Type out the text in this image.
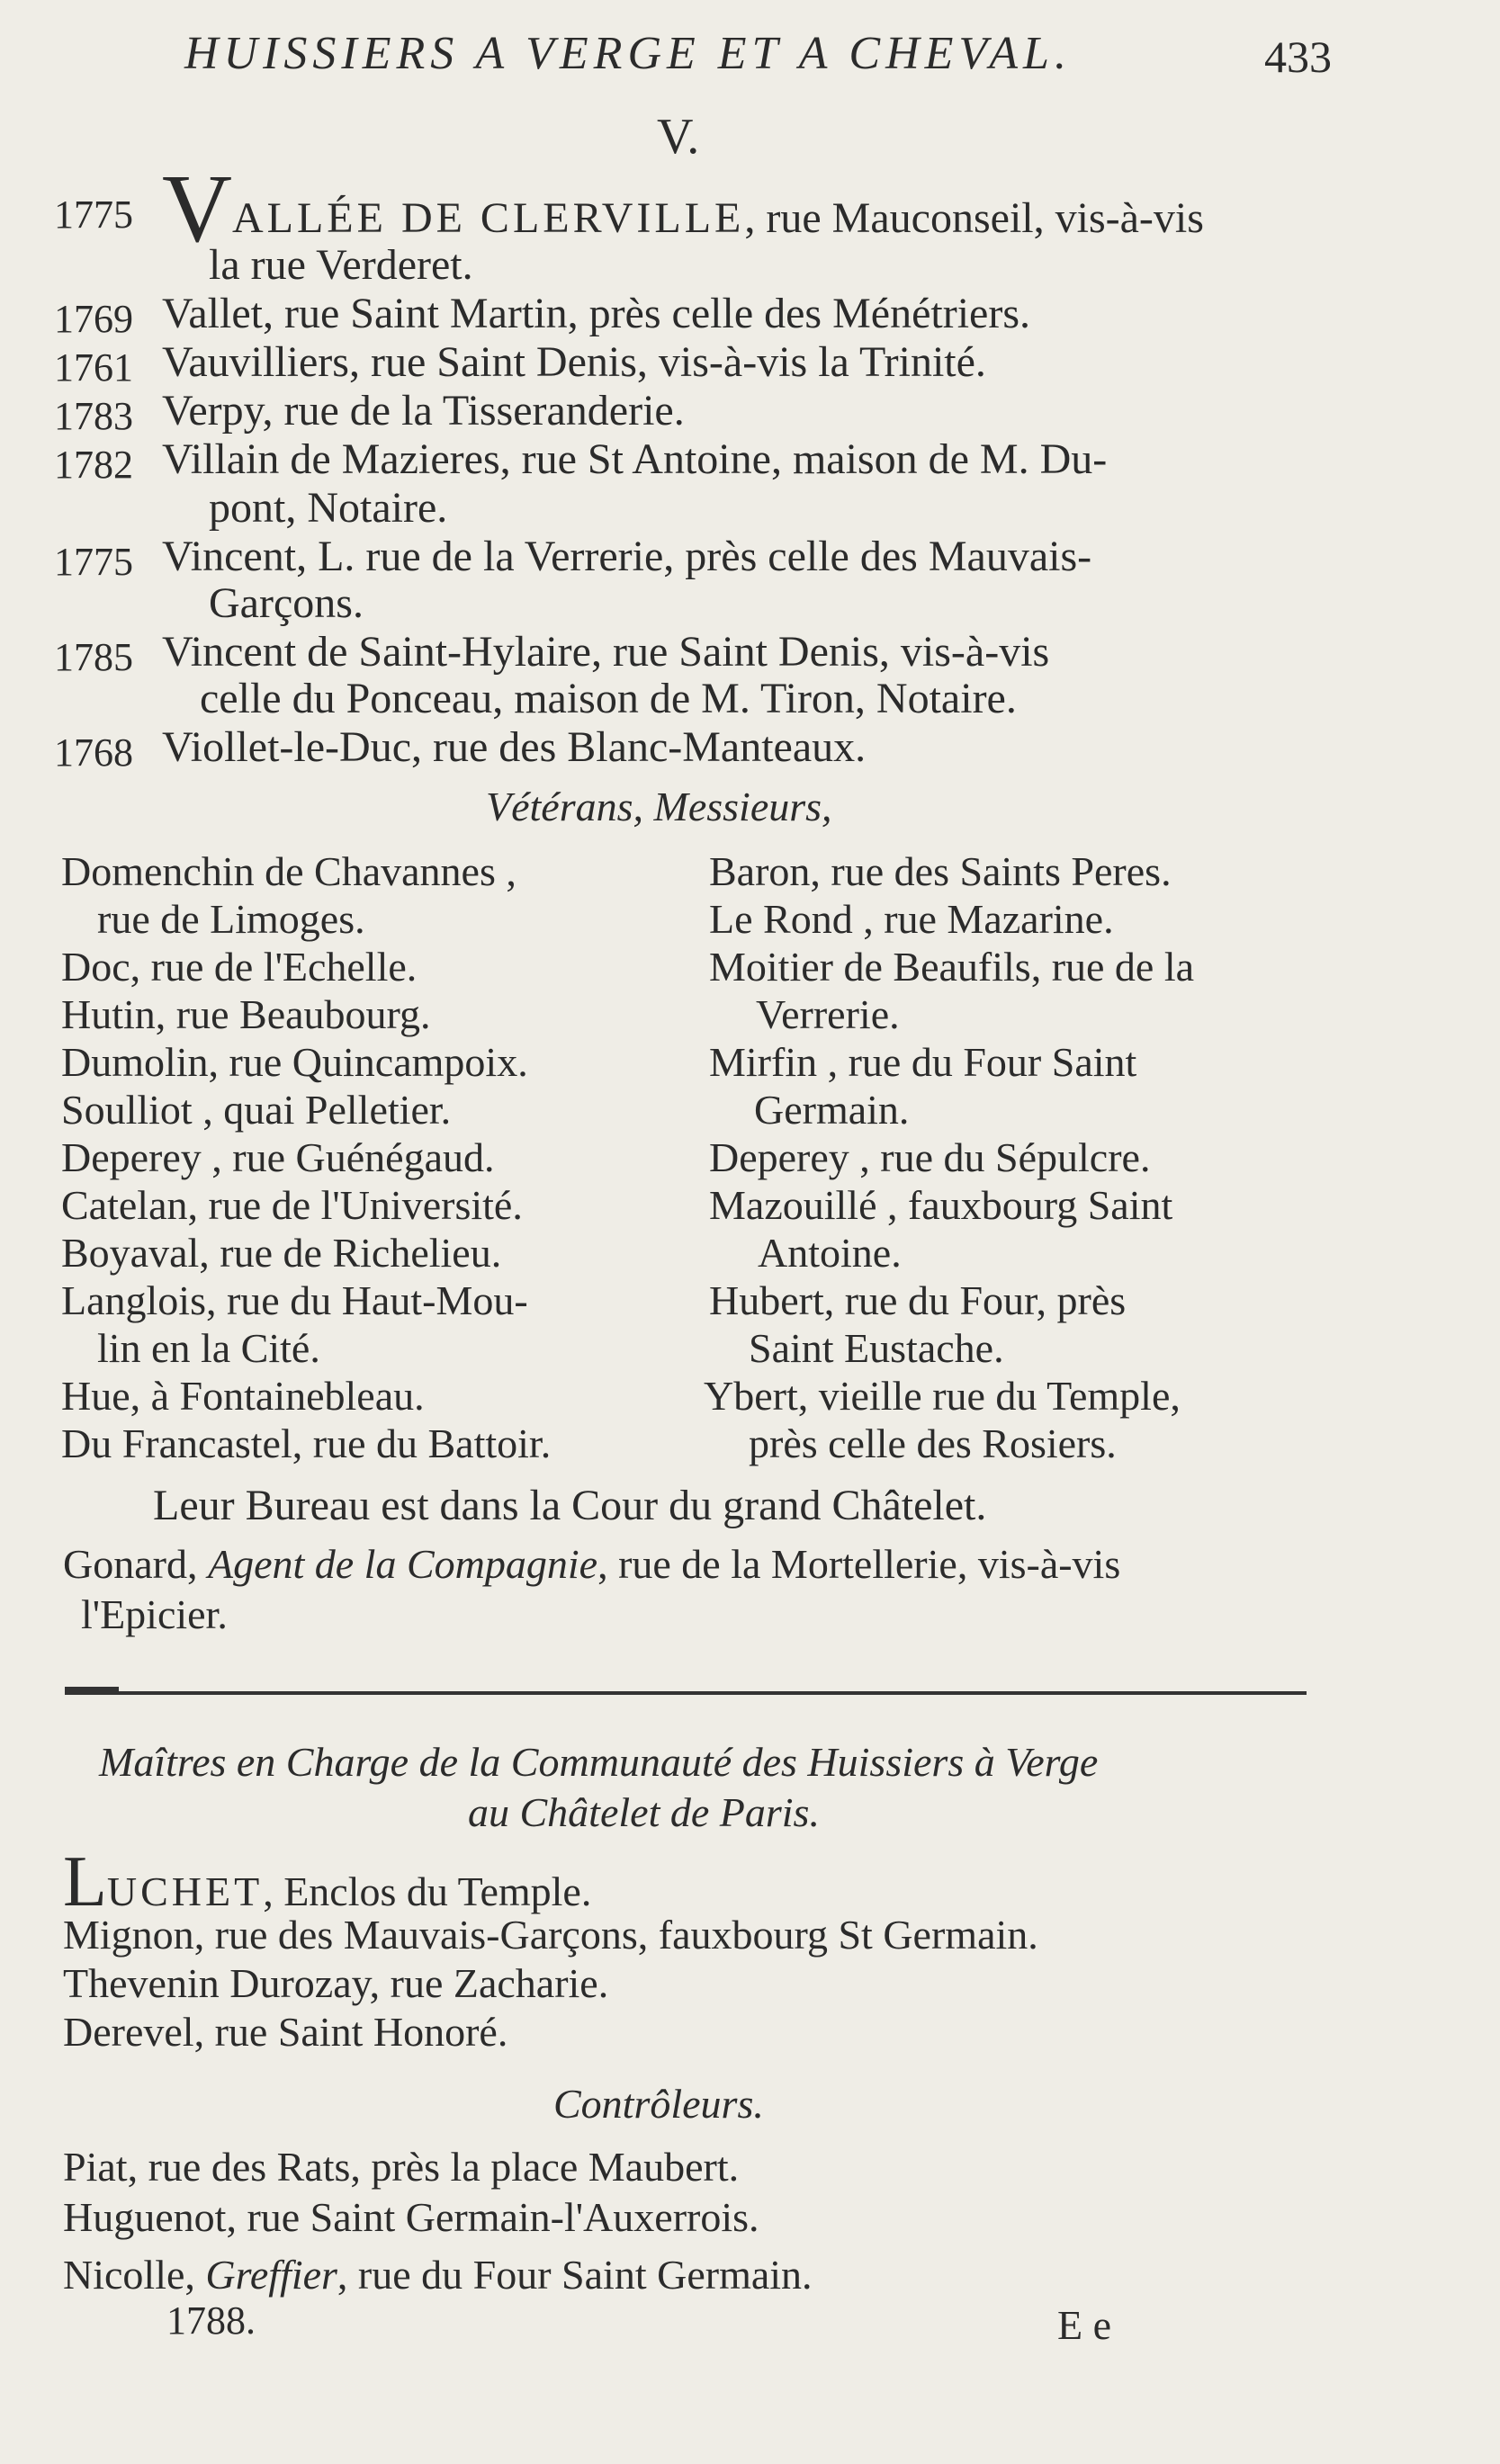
HUISSIERS A VERGE ET A CHEVAL.	433
V.
1775 VALLÉE DE CLERVILLE, rue Mauconseil, vis-à-vis
la rue Verderet.
1769 Vallet, rue Saint Martin, près celle des Ménétriers.
1761 Vauvilliers, rue Saint Denis, vis-à-vis la Trinité.
1783 Verpy, rue de la Tisseranderie.
1782 Villain de Mazieres, rue St Antoine, maison de M. Du-
pont, Notaire.
1775 Vincent, L. rue de la Verrerie, près celle des Mauvais-
Garçons.
1785 Vincent de Saint-Hylaire, rue Saint Denis, vis-à-vis
celle du Ponceau, maison de M. Tiron, Notaire.
1768 Viollet-le-Duc, rue des Blanc-Manteaux.
Vétérans, Messieurs,
Domenchin de Chavannes ,
rue de Limoges.
Doc, rue de l'Echelle.
Hutin, rue Beaubourg.
Dumolin, rue Quincampoix.
Soulliot , quai Pelletier.
Deperey , rue Guénégaud.
Catelan, rue de l'Université.
Boyaval, rue de Richelieu.
Langlois, rue du Haut-Mou-
lin en la Cité.
Hue, à Fontainebleau.
Du Francastel, rue du Battoir.
Baron, rue des Saints Peres.
Le Rond , rue Mazarine.
Moitier de Beaufils, rue de la
Verrerie.
Mirfin , rue du Four Saint
Germain.
Deperey , rue du Sépulcre.
Mazouillé , fauxbourg Saint
Antoine.
Hubert, rue du Four, près
Saint Eustache.
Ybert, vieille rue du Temple,
près celle des Rosiers.
Leur Bureau est dans la Cour du grand Châtelet.
Gonard, Agent de la Compagnie, rue de la Mortellerie, vis-à-vis
l'Epicier.
Maîtres en Charge de la Communauté des Huissiers à Verge
au Châtelet de Paris.
LUCHET, Enclos du Temple.
Mignon, rue des Mauvais-Garçons, fauxbourg St Germain.
Thevenin Durozay, rue Zacharie.
Derevel, rue Saint Honoré.
Contrôleurs.
Piat, rue des Rats, près la place Maubert.
Huguenot, rue Saint Germain-l'Auxerrois.
Nicolle, Greffier, rue du Four Saint Germain.
1788.	E e
